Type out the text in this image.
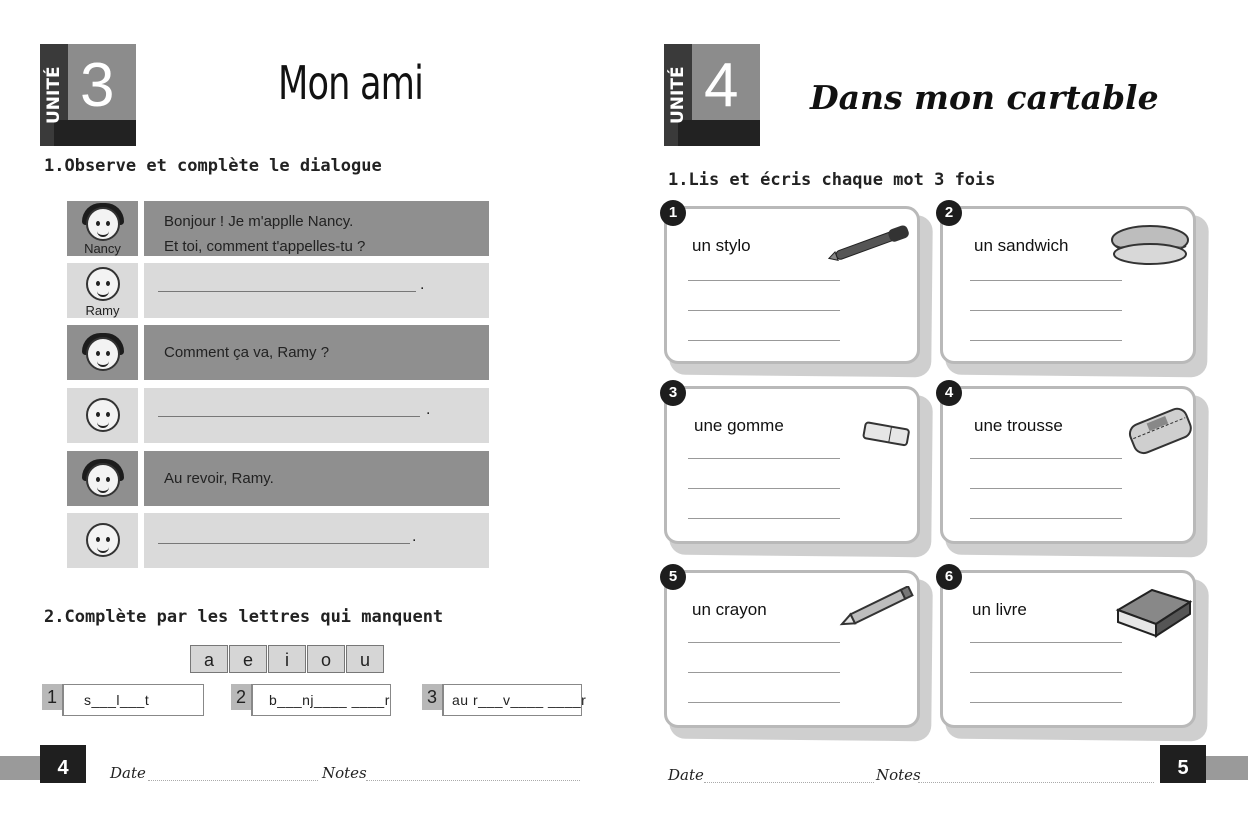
UNITÉ 3	Mon ami
1.Observe et complète le dialogue
Nancy
Bonjour ! Je m'applle Nancy.
Et toi, comment t'appelles-tu ?
Ramy
.
Comment ça va, Ramy ?
.
Au revoir, Ramy.
.
2.Complète par les lettres qui manquent
a	e	i	o	u
1	s___l___t	2	b___nj____ ____r 3	au r___v____ ____r
4	Date	Notes
UNITÉ 4 Dans mon cartable
1.Lis et écris chaque mot 3 fois
1
un stylo
2
un sandwich
3
une gomme
4
une trousse
5
un crayon
6
un livre
Date	Notes	5
